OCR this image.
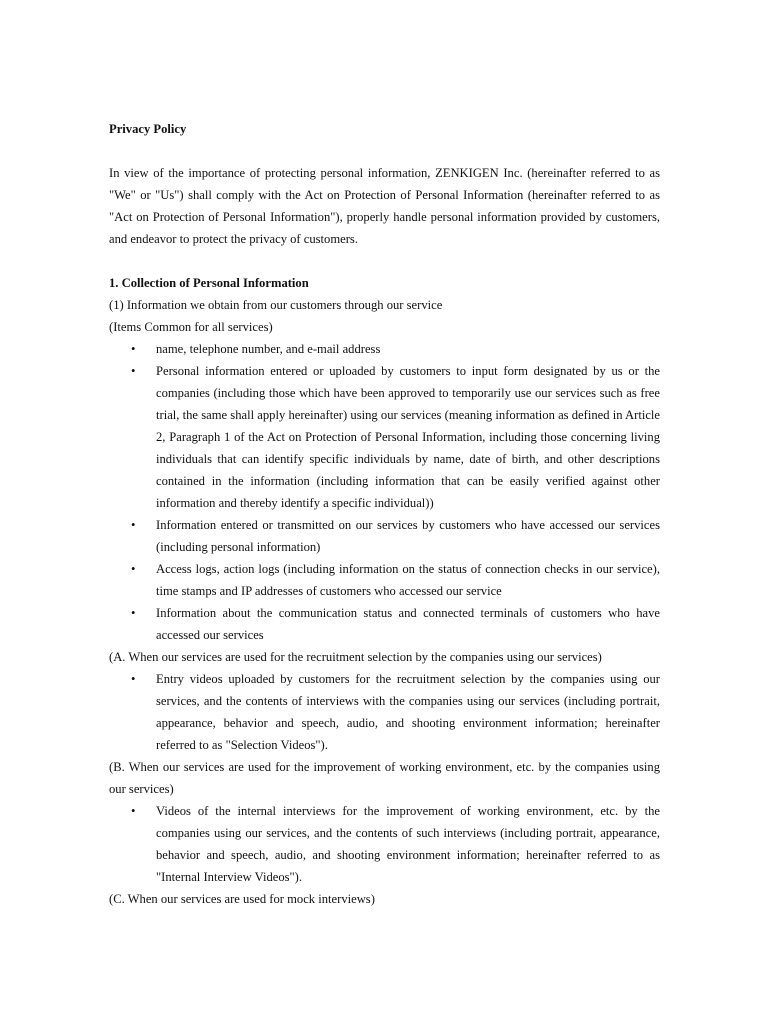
Privacy Policy

In view of the importance of protecting personal information, ZENKIGEN Inc. (hereinafter referred to as "We" or "Us") shall comply with the Act on Protection of Personal Information (hereinafter referred to as "Act on Protection of Personal Information"), properly handle personal information provided by customers, and endeavor to protect the privacy of customers.

1. Collection of Personal Information

(1) Information we obtain from our customers through our service

(Items Common for all services)

•	name, telephone number, and e-mail address
•	Personal information entered or uploaded by customers to input form designated by us or the companies (including those which have been approved to temporarily use our services such as free trial, the same shall apply hereinafter) using our services (meaning information as defined in Article 2, Paragraph 1 of the Act on Protection of Personal Information, including those concerning living individuals that can identify specific individuals by name, date of birth, and other descriptions contained in the information (including information that can be easily verified against other information and thereby identify a specific individual))
•	Information entered or transmitted on our services by customers who have accessed our services (including personal information)
•	Access logs, action logs (including information on the status of connection checks in our service), time stamps and IP addresses of customers who accessed our service
•	Information about the communication status and connected terminals of customers who have accessed our services

(A. When our services are used for the recruitment selection by the companies using our services)

•	Entry videos uploaded by customers for the recruitment selection by the companies using our services, and the contents of interviews with the companies using our services (including portrait, appearance, behavior and speech, audio, and shooting environment information; hereinafter referred to as "Selection Videos").

(B. When our services are used for the improvement of working environment, etc. by the companies using our services)

•	Videos of the internal interviews for the improvement of working environment, etc. by the companies using our services, and the contents of such interviews (including portrait, appearance, behavior and speech, audio, and shooting environment information; hereinafter referred to as "Internal Interview Videos").

(C. When our services are used for mock interviews)
